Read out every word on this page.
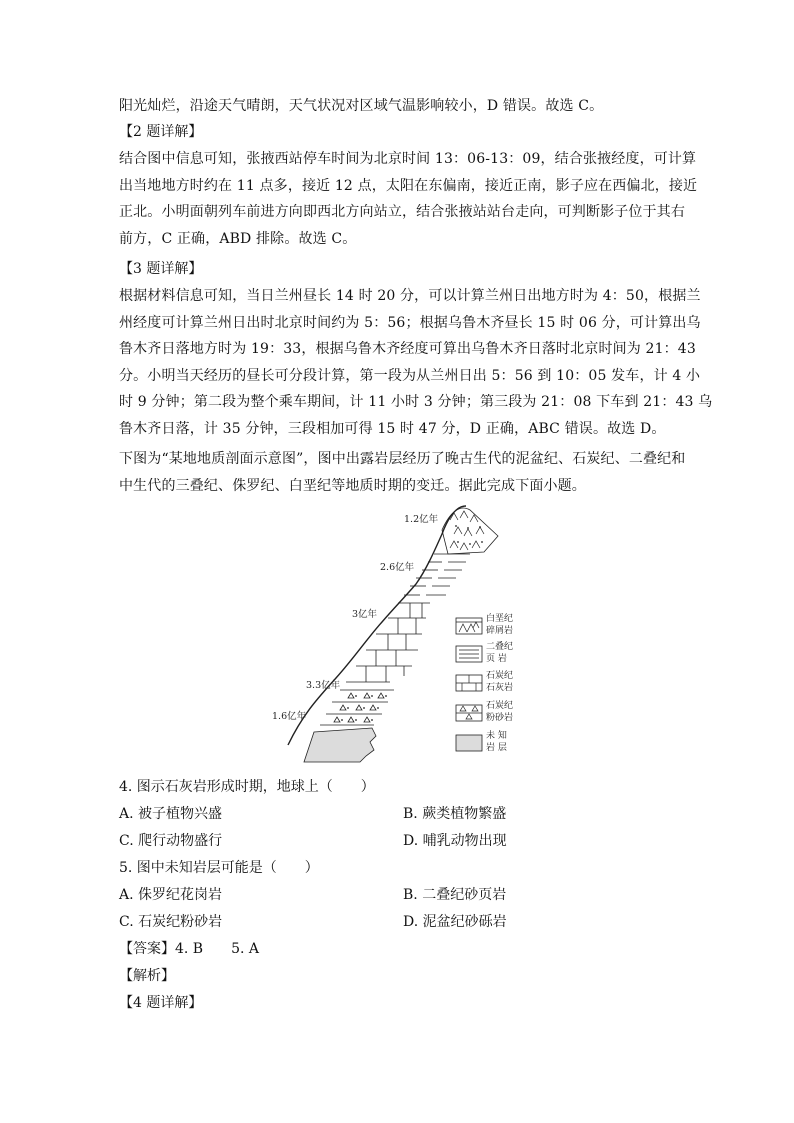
阳光灿烂，沿途天气晴朗，天气状况对区域气温影响较小，D 错误。故选 C。
【2 题详解】
结合图中信息可知，张掖西站停车时间为北京时间 13：06-13：09，结合张掖经度，可计算
出当地地方时约在 11 点多，接近 12 点，太阳在东偏南，接近正南，影子应在西偏北，接近
正北。小明面朝列车前进方向即西北方向站立，结合张掖站站台走向，可判断影子位于其右
前方，C 正确，ABD 排除。故选 C。
【3 题详解】
根据材料信息可知，当日兰州昼长 14 时 20 分，可以计算兰州日出地方时为 4：50，根据兰
州经度可计算兰州日出时北京时间约为 5：56；根据乌鲁木齐昼长 15 时 06 分，可计算出乌
鲁木齐日落地方时为 19：33，根据乌鲁木齐经度可算出乌鲁木齐日落时北京时间为 21：43
分。小明当天经历的昼长可分段计算，第一段为从兰州日出 5：56 到 10：05 发车，计 4 小
时 9 分钟；第二段为整个乘车期间，计 11 小时 3 分钟；第三段为 21：08 下车到 21：43 乌
鲁木齐日落，计 35 分钟，三段相加可得 15 时 47 分，D 正确，ABC 错误。故选 D。
下图为“某地地质剖面示意图”，图中出露岩层经历了晚古生代的泥盆纪、石炭纪、二叠纪和
中生代的三叠纪、侏罗纪、白垩纪等地质时期的变迁。据此完成下面小题。
1.2亿年
2.6亿年
3亿年
3.3亿年
1.6亿年
白垩纪
碎屑岩
二叠纪
页 岩
石炭纪
石灰岩
石炭纪
粉砂岩
未 知
岩 层
4. 图示石灰岩形成时期，地球上（　　）
A. 被子植物兴盛	B. 蕨类植物繁盛
C. 爬行动物盛行	D. 哺乳动物出现
5. 图中未知岩层可能是（　　）
A. 侏罗纪花岗岩	B. 二叠纪砂页岩
C. 石炭纪粉砂岩	D. 泥盆纪砂砾岩
【答案】4. B　　5. A
【解析】
【4 题详解】
